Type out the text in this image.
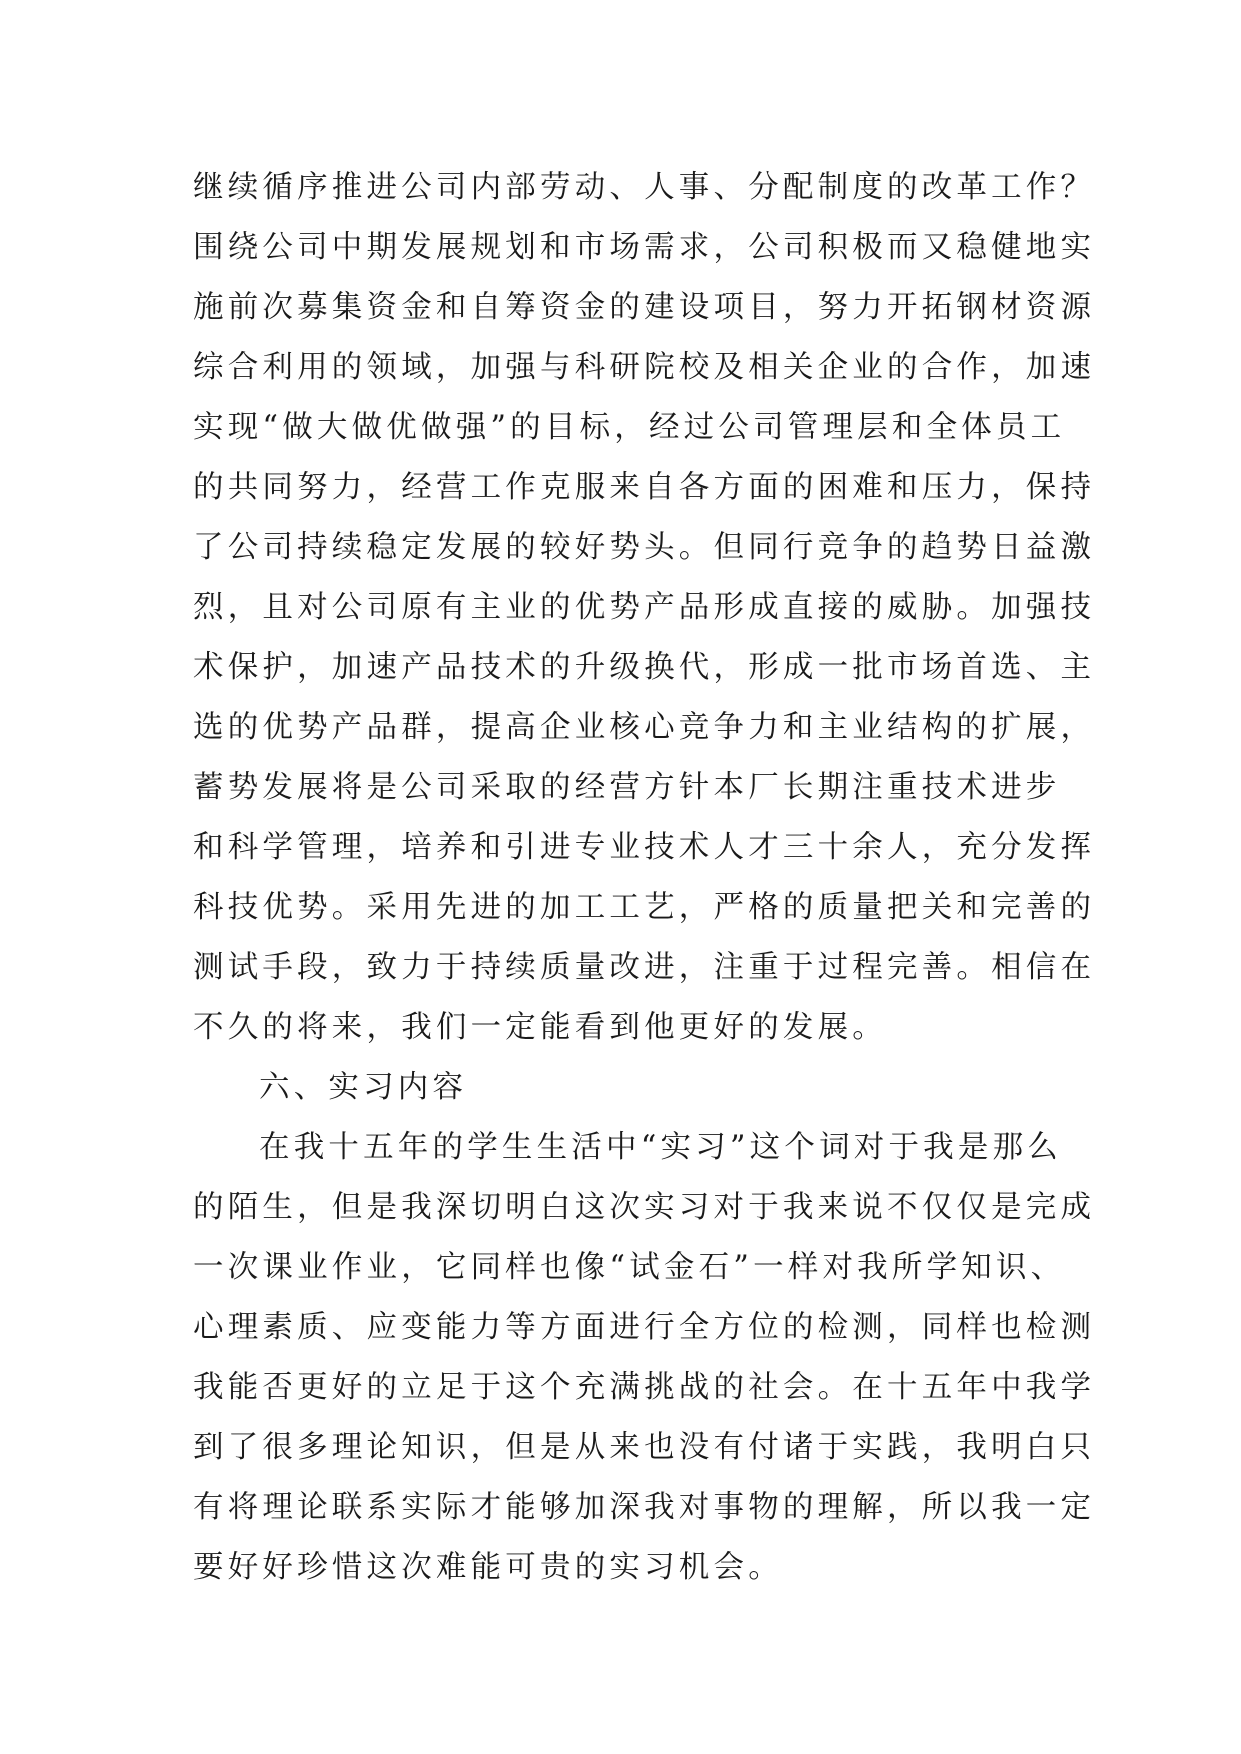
继续循序推进公司内部劳动、人事、分配制度的改革工作？
围绕公司中期发展规划和市场需求，公司积极而又稳健地实
施前次募集资金和自筹资金的建设项目，努力开拓钢材资源
综合利用的领域，加强与科研院校及相关企业的合作，加速
实现“做大做优做强”的目标，经过公司管理层和全体员工
的共同努力，经营工作克服来自各方面的困难和压力，保持
了公司持续稳定发展的较好势头。但同行竞争的趋势日益激
烈，且对公司原有主业的优势产品形成直接的威胁。加强技
术保护，加速产品技术的升级换代，形成一批市场首选、主
选的优势产品群，提高企业核心竞争力和主业结构的扩展，
蓄势发展将是公司采取的经营方针本厂长期注重技术进步
和科学管理，培养和引进专业技术人才三十余人，充分发挥
科技优势。采用先进的加工工艺，严格的质量把关和完善的
测试手段，致力于持续质量改进，注重于过程完善。相信在
不久的将来，我们一定能看到他更好的发展。
六、实习内容
在我十五年的学生生活中“实习”这个词对于我是那么
的陌生，但是我深切明白这次实习对于我来说不仅仅是完成
一次课业作业，它同样也像“试金石”一样对我所学知识、
心理素质、应变能力等方面进行全方位的检测，同样也检测
我能否更好的立足于这个充满挑战的社会。在十五年中我学
到了很多理论知识，但是从来也没有付诸于实践，我明白只
有将理论联系实际才能够加深我对事物的理解，所以我一定
要好好珍惜这次难能可贵的实习机会。
